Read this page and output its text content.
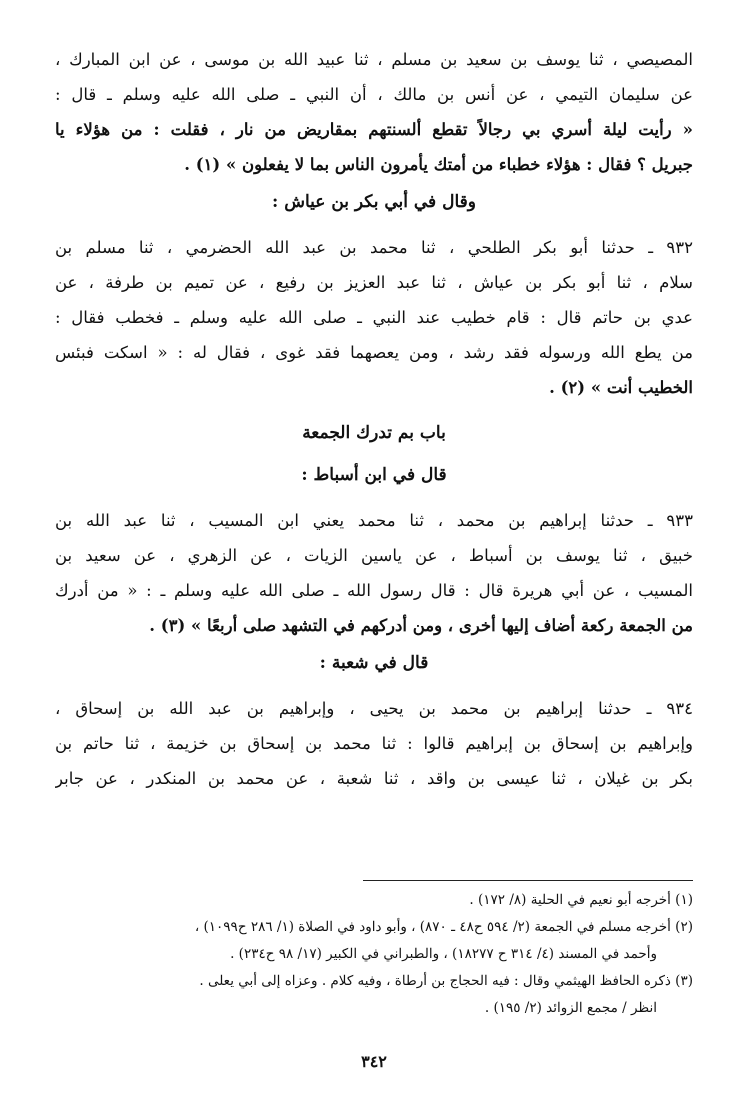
المصيصي ، ثنا يوسف بن سعيد بن مسلم ، ثنا عبيد الله بن موسى ، عن ابن المبارك ،
عن سليمان التيمي ، عن أنس بن مالك ، أن النبي ـ صلى الله عليه وسلم ـ قال :
« رأيت ليلة أسري بي رجالاً تقطع ألسنتهم بمقاريض من نار ، فقلت : من هؤلاء يا
جبريل ؟ فقال : هؤلاء خطباء من أمتك يأمرون الناس بما لا يفعلون » (١) .
وقال في أبي بكر بن عياش :
٩٣٢ ـ حدثنا أبو بكر الطلحي ، ثنا محمد بن عبد الله الحضرمي ، ثنا مسلم بن
سلام ، ثنا أبو بكر بن عياش ، ثنا عبد العزيز بن رفيع ، عن تميم بن طرفة ، عن
عدي بن حاتم قال : قام خطيب عند النبي ـ صلى الله عليه وسلم ـ فخطب فقال :
من يطع الله ورسوله فقد رشد ، ومن يعصهما فقد غوى ، فقال له : « اسكت فبئس
الخطيب أنت » (٢) .
باب بم تدرك الجمعة
قال في ابن أسباط :
٩٣٣ ـ حدثنا إبراهيم بن محمد ، ثنا محمد يعني ابن المسيب ، ثنا عبد الله بن
خبيق ، ثنا يوسف بن أسباط ، عن ياسين الزيات ، عن الزهري ، عن سعيد بن
المسيب ، عن أبي هريرة قال : قال رسول الله ـ صلى الله عليه وسلم ـ : « من أدرك
من الجمعة ركعة أضاف إليها أخرى ، ومن أدركهم في التشهد صلى أربعًا » (٣) .
قال في شعبة :
٩٣٤ ـ حدثنا إبراهيم بن محمد بن يحيى ، وإبراهيم بن عبد الله بن إسحاق ،
وإبراهيم بن إسحاق بن إبراهيم قالوا : ثنا محمد بن إسحاق بن خزيمة ، ثنا حاتم بن
بكر بن غيلان ، ثنا عيسى بن واقد ، ثنا شعبة ، عن محمد بن المنكدر ، عن جابر
(١) أخرجه أبو نعيم في الحلية (٨/ ١٧٢) .
(٢) أخرجه مسلم في الجمعة (٢/ ٥٩٤ ح٤٨ ـ ٨٧٠) ، وأبو داود في الصلاة (١/ ٢٨٦ ح١٠٩٩) ،
وأحمد في المسند (٤/ ٣١٤ ح ١٨٢٧٧) ، والطبراني في الكبير (١٧/ ٩٨ ح٢٣٤) .
(٣) ذكره الحافظ الهيثمي وقال : فيه الحجاج بن أرطاة ، وفيه كلام . وعزاه إلى أبي يعلى .
انظر / مجمع الزوائد (٢/ ١٩٥) .
٣٤٢
